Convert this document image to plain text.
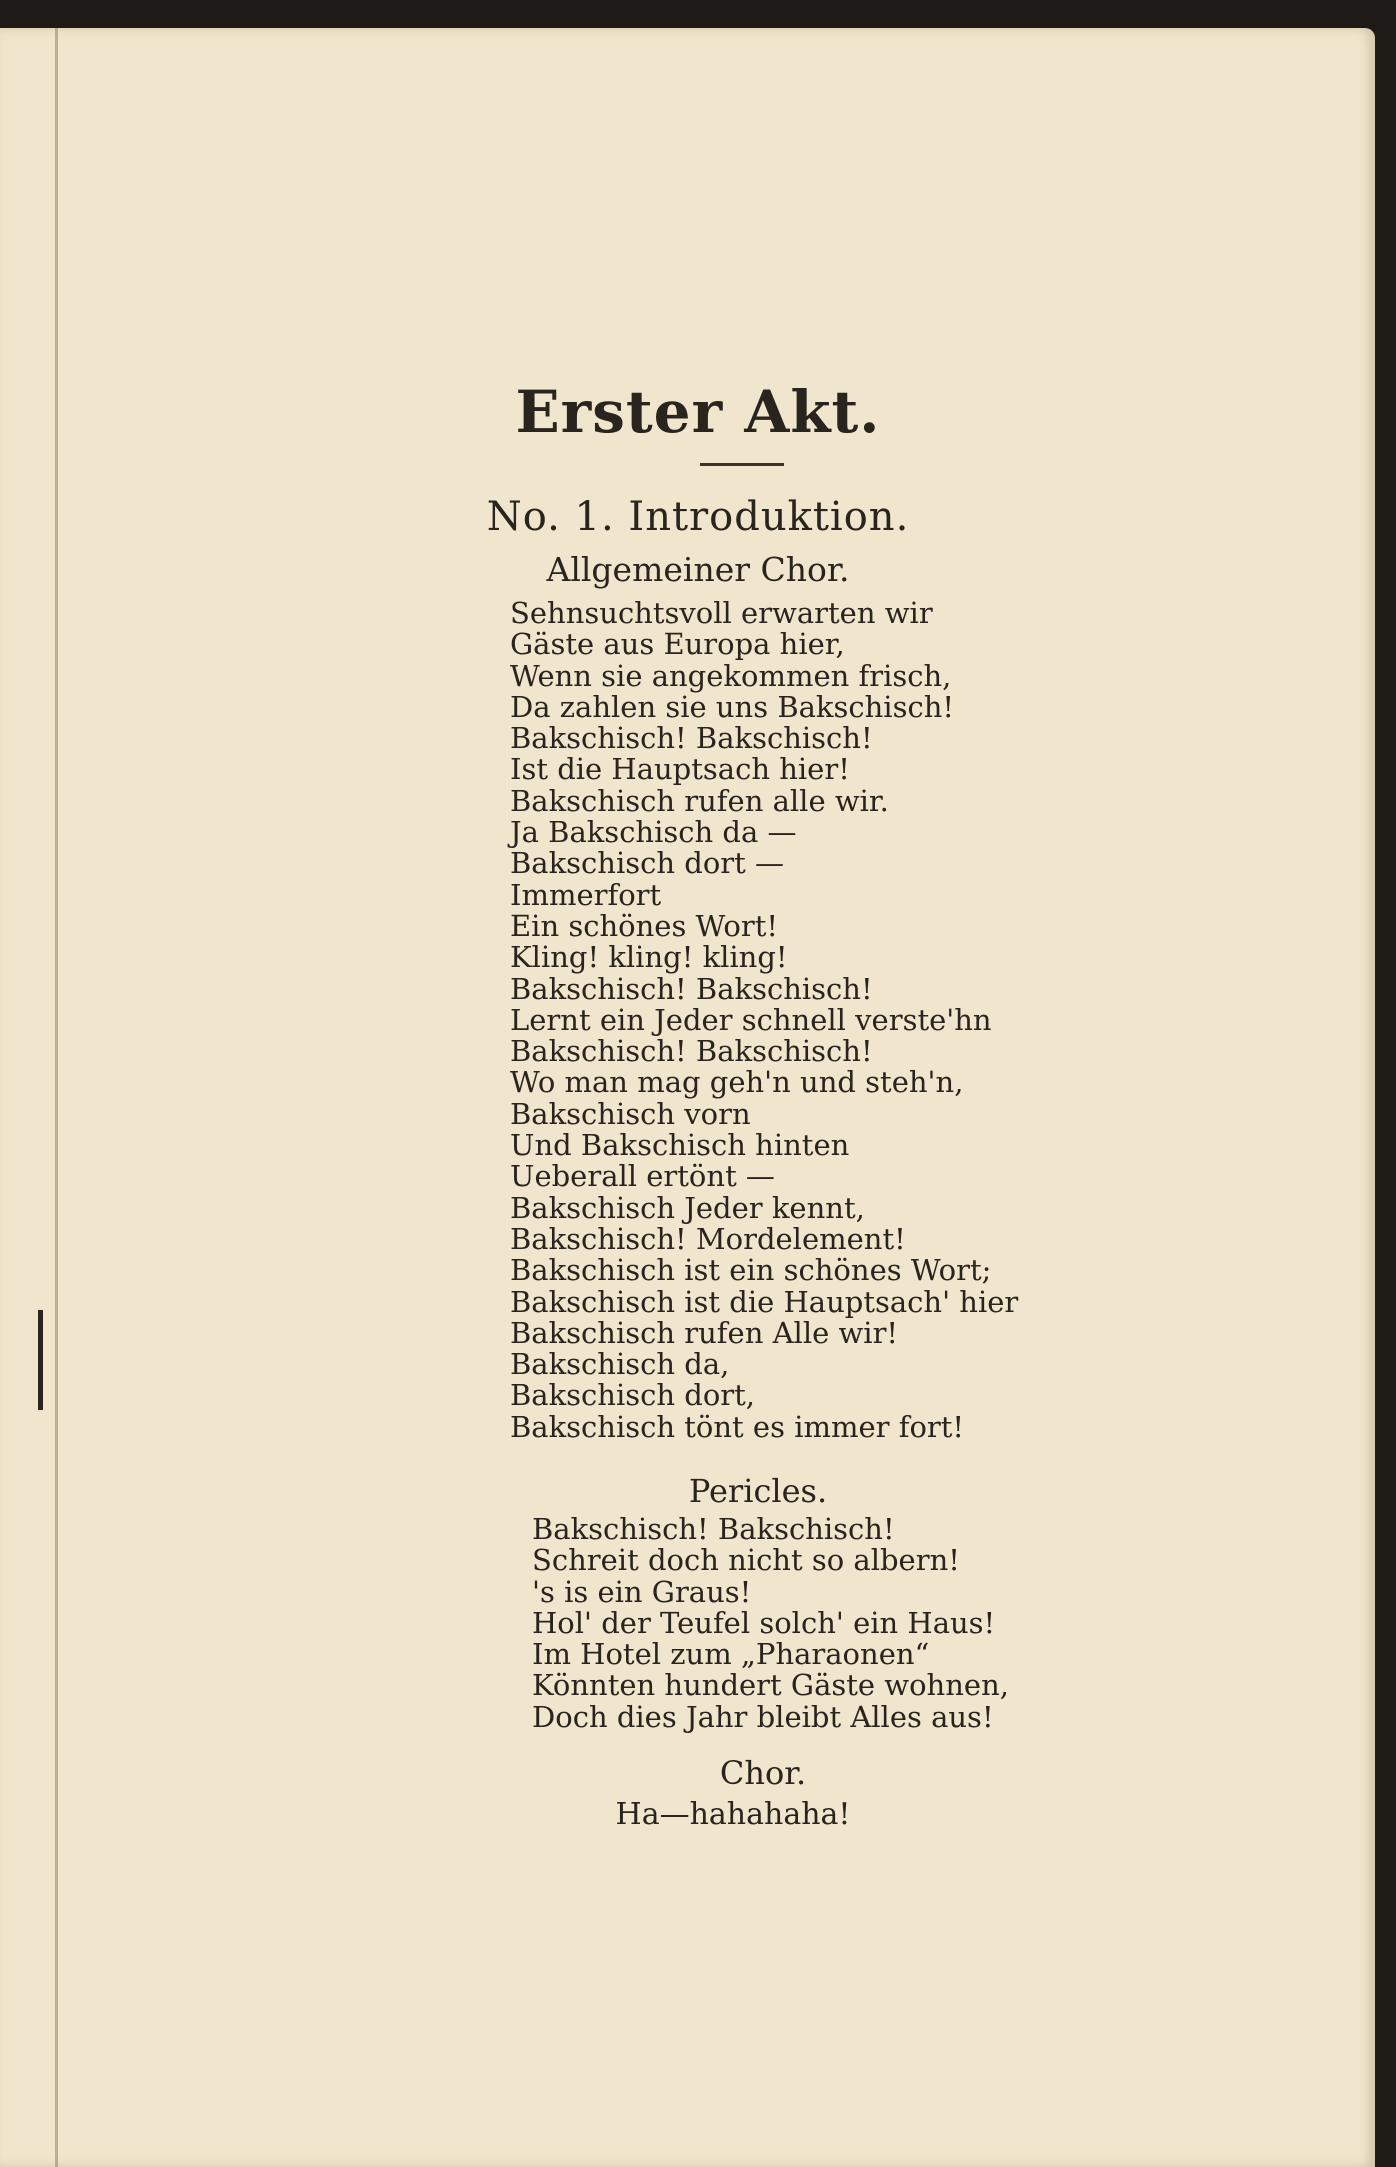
Erster Akt.
No. 1. Introduktion.
Allgemeiner Chor.
Sehnsuchtsvoll erwarten wir
Gäste aus Europa hier,
Wenn sie angekommen frisch,
Da zahlen sie uns Bakschisch!
Bakschisch! Bakschisch!
Ist die Hauptsach hier!
Bakschisch rufen alle wir.
Ja Bakschisch da —
Bakschisch dort —
Immerfort
Ein schönes Wort!
Kling! kling! kling!
Bakschisch! Bakschisch!
Lernt ein Jeder schnell verste'hn
Bakschisch! Bakschisch!
Wo man mag geh'n und steh'n,
Bakschisch vorn
Und Bakschisch hinten
Ueberall ertönt —
Bakschisch Jeder kennt,
Bakschisch! Mordelement!
Bakschisch ist ein schönes Wort;
Bakschisch ist die Hauptsach' hier
Bakschisch rufen Alle wir!
Bakschisch da,
Bakschisch dort,
Bakschisch tönt es immer fort!
Pericles.
Bakschisch! Bakschisch!
Schreit doch nicht so albern!
's is ein Graus!
Hol' der Teufel solch' ein Haus!
Im Hotel zum „Pharaonen“
Könnten hundert Gäste wohnen,
Doch dies Jahr bleibt Alles aus!
Chor.
Ha—hahahaha!
